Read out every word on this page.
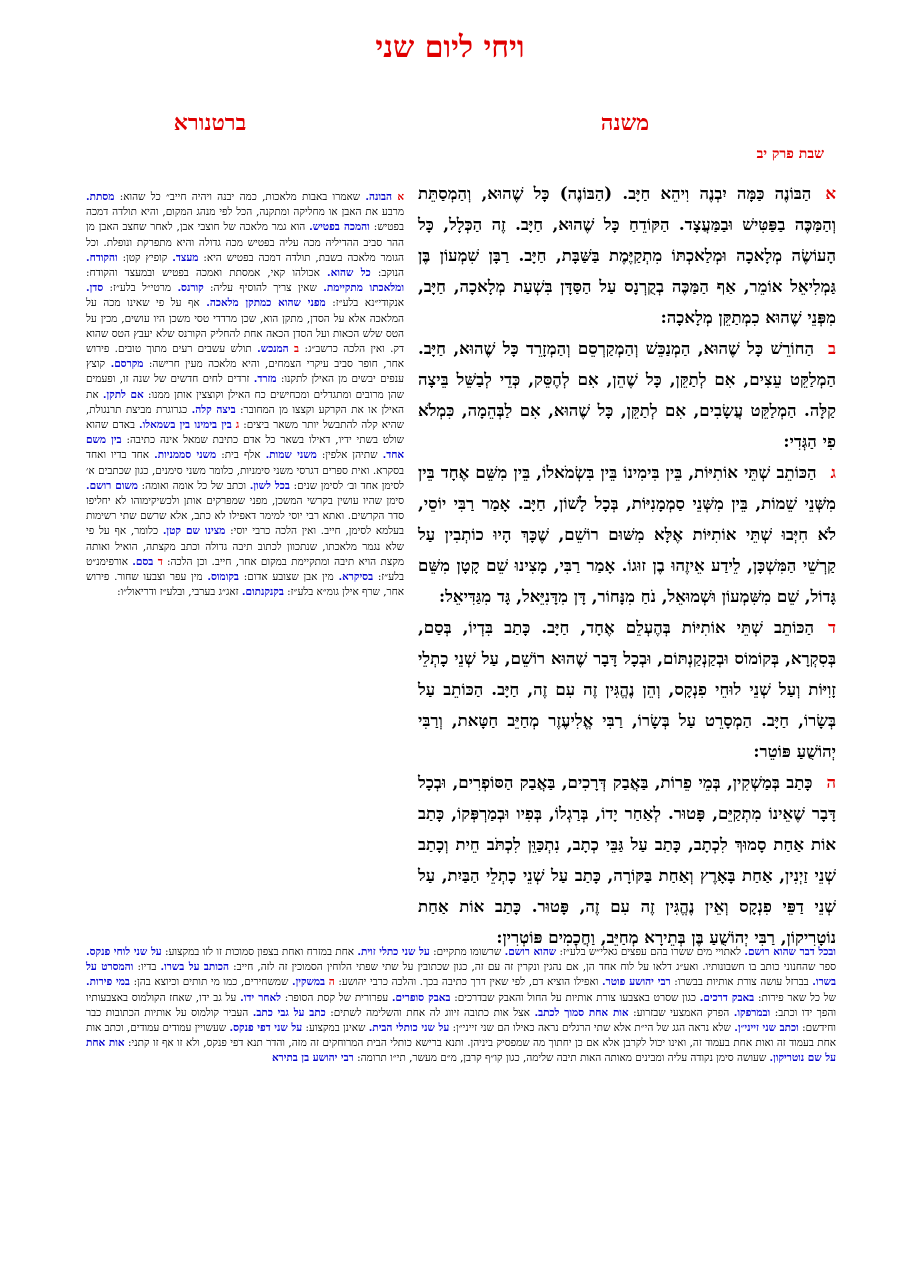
ויחי ליום שני
משנה
ברטנורא
שבת פרק יב

אהַבּוֹנֶה כַּמָּה יִבְנֶה וִיהֵא חַיָּב. (הַבּוֹנֶה) כָּל שֶׁהוּא, וְהַמְסַתֵּת וְהַמַּכֶּה בַפַּטִּישׁ וּבַמַּעֲצָד. הַקּוֹדֵחַ כָּל שֶׁהוּא, חַיָּב. זֶה הַכְּלָל, כָּל הָעוֹשֶׂה מְלָאכָה וּמְלַאכְתּוֹ מִתְקַיֶּמֶת בַּשַּׁבָּת, חַיָּב. רַבָּן שִׁמְעוֹן בֶּן גַּמְלִיאֵל אוֹמֵר, אַף הַמַּכֶּה בְקֻרְנָס עַל הַסַּדָּן בִּשְׁעַת מְלָאכָה, חַיָּב, מִפְּנֵי שֶׁהוּא כִמְתַקֵּן מְלָאכָה:

בהַחוֹרֵשׁ כָּל שֶׁהוּא, הַמְנַכֵּשׁ וְהַמְקַרְסֵם וְהַמְזָרֵד כָּל שֶׁהוּא, חַיָּב. הַמְלַקֵּט עֵצִים, אִם לְתַקֵּן, כָּל שֶׁהֵן, אִם לְהֶסֵּק, כְּדֵי לְבַשֵּׁל בֵּיצָה קַלָּה. הַמְלַקֵּט עֲשָׂבִים, אִם לְתַקֵּן, כָּל שֶׁהוּא, אִם לַבְּהֵמָה, כִּמְלֹא פִי הַגְּדִי:

גהַכּוֹתֵב שְׁתֵּי אוֹתִיּוֹת, בֵּין בִּימִינוֹ בֵּין בִּשְׂמֹאלוֹ, בֵּין מִשֵּׁם אֶחָד בֵּין מִשְּׁנֵי שֵׁמוֹת, בֵּין מִשְּׁנֵי סַמְמָנִיּוֹת, בְּכָל לָשׁוֹן, חַיָּב. אָמַר רַבִּי יוֹסֵי, לֹא חִיְּבוּ שְׁתֵּי אוֹתִיּוֹת אֶלָּא מִשּׁוּם רוֹשֵׁם, שֶׁכָּךְ הָיוּ כוֹתְבִין עַל קַרְשֵׁי הַמִּשְׁכָּן, לֵידַע אֵיזֶהוּ בֶן זוּגוֹ. אָמַר רַבִּי, מָצִינוּ שֵׁם קָטָן מִשֵּׁם גָּדוֹל, שֵׁם מִשִּׁמְעוֹן וּשְׁמוּאֵל, נֹחַ מִנָּחוֹר, דָּן מִדָּנִיֵּאל, גָּד מִגַּדִּיאֵל:

דהַכּוֹתֵב שְׁתֵּי אוֹתִיּוֹת בְּהֶעְלֵם אֶחָד, חַיָּב. כָּתַב בִּדְיוֹ, בְּסַם, בְּסִקְרָא, בְּקוֹמוֹס וּבְקַנְקַנְתּוֹם, וּבְכָל דָּבָר שֶׁהוּא רוֹשֵׁם, עַל שְׁנֵי כָתְלֵי זָוִיּוֹת וְעַל שְׁנֵי לוּחֵי פִנְקָס, וְהֵן נֶהֱגִּין זֶה עִם זֶה, חַיָּב. הַכּוֹתֵב עַל בְּשָׂרוֹ, חַיָּב. הַמְסָרֵט עַל בְּשָׂרוֹ, רַבִּי אֱלִיעֶזֶר מְחַיֵּב חַטָּאת, וְרַבִּי יְהוֹשֻׁעַ פּוֹטֵר:

הכָּתַב בְּמַשְׁקִין, בְּמֵי פֵרוֹת, בַּאֲבַק דְּרָכִים, בַּאֲבַק הַסּוֹפְרִים, וּבְכָל דָּבָר שֶׁאֵינוֹ מִתְקַיֵּם, פָּטוּר. לְאַחַר יָדוֹ, בְּרַגְלוֹ, בְּפִיו וּבְמַרְפְּקוֹ, כָּתַב אוֹת אַחַת סָמוּךְ לִכְתָב, כָּתַב עַל גַּבֵּי כְתָב, נִתְכַּוֵּן לִכְתֹּב חֵית וְכָתַב שְׁנֵי זַיְנִין, אַחַת בָּאָרֶץ וְאַחַת בַּקּוֹרָה, כָּתַב עַל שְׁנֵי כָתְלֵי הַבַּיִת, עַל שְׁנֵי דַפֵּי פִנְקָס וְאֵין נֶהֱגִּין זֶה עִם זֶה, פָּטוּר. כָּתַב אוֹת אַחַת נוֹטָרִיקוֹן, רַבִּי יְהוֹשֻׁעַ בֶּן בְּתֵירָא מְחַיֵּב, וַחֲכָמִים פּוֹטְרִין:

א הבונה. שאמרו באבות מלאכות, כמה יבנה ויהיה חייב״ כל שהוא: מסתת. מרבע את האבן או מחליקה ומתקנה, הכל לפי מנהג המקום, והיא תולדה דמכה בפטיש: והמכה בפטיש. הוא גמר מלאכה של חוצבי אבן, לאחר שחצב האבן מן ההר סביב ההדיליה מכה עליה בפטיש מכה גדולה והיא מתפרקת ונופלת. וכל הגומר מלאכה בשבת, תולדה דמכה בפטיש היא: מעצד. קופיץ קטן: והקודח. הנוקב: כל שהוא. אכולהו קאי, אמסתת ואמכה בפטיש ובמעצד והקודח: ומלאכתו מתקיימת. שאין צריך להוסיף עליה: קורנס. מרטי״ל בלע״ז: סדן. אנקודי״נא בלע״ז: מפני שהוא כמתקן מלאכה. אף על פי שאינו מכה על המלאכה אלא על הסדן, מתקן הוא, שכן מרדדי טסי משכן היו עושים, מכין על הטס שלש הכאות ועל הסדן הכאה אחת להחליק הקורנס שלא יעבץ הטס שהוא דק. ואין הלכה כרשב״ג: ב המנכש. תולש עשבים רעים מתוך טובים. פירוש אחר, חופר סביב עיקרי הצמחים, והיא מלאכה מעין חרישה: מקרסם. קוצץ ענפים יבשים מן האילן לתקנו: מזרד. זרדים לחים חדשים של שנה זו, ופעמים שהן מרובים ומתגדלים ומכחישים כח האילן וקוצצין אותן ממנו: אם לתקן. את האילן או את הקרקע וקצצו מן המחובר: ביצה קלה. כגרוגרת מביצת תרנגולת, שהיא קלה להתבשל יותר משאר ביצים: ג בין בימינו בין בשמאלו. באדם שהוא שולט בשתי ידיו, דאילו בשאר כל אדם כתיבת שמאל אינה כתיבה: בין משם אחד. שתיהן אלפין: משני שמות. אלף בית: משני סממניות. אחד בדיו ואחד בסקרא. ואית ספרים דגרסי משני סימניות, כלומר משני סימנים, כגון שכתבים א׳ לסימן אחד וב׳ לסימן שנים: בכל לשון. וכתב של כל אומה ואומה: משום רושם. סימן שהיו עושין בקרשי המשכן, מפני שמפרקים אותן ולכשיקימוהו לא יחליפו סדר הקרשים. ואתא רבי יוסי למימר דאפילו לא כתב, אלא שרשם שתי רשימות בעלמא לסימן, חייב. ואין הלכה כרבי יוסי: מצינו שם קטן. כלומר, אף על פי שלא נגמר מלאכתו, שנתכוון לכתוב תיבה גדולה וכתב מקצתה, הואיל ואותה מקצת הויא תיבה ומתקיימת במקום אחר, חייב. וכן הלכה: ד בסם. אורפימנ״ט בלע״ז: בסיקרא. מין אבן שצובע אדום: בקומוס. מין עפר וצבעו שחור. פירוש אחר, שרף אילן גומ״א בלע״ז: בקנקנתום. זאג״ג בערבי, ובלע״ז ודריאול״ו:

ובכל דבר שהוא רושם. לאתויי מים ששרו בהם עפצים גאלי״ש בלע״ז: שהוא רושם. שרשומו מתקיים: על שני כתלי זוית. אחת במזרח ואחת בצפון סמוכות זו לזו במקצוע: על שני לוחי פנקס. ספר שהחנוני כותב בו חשבונותיו. ואע״ג דלאו על לוח אחד הן, אם נהגין ונקרין זה עם זה, כגון שכתובין על שתי שפתי הלוחין הסמוכין זה לזה, חייב: הכותב על בשרו. בדיו: והמסרט על בשרו. בברזל עושה צורת אותיות בבשרו: רבי יהושע פוטר. ואפילו הוציא דם, לפי שאין דרך כתיבה בכך. והלכה כרבי יהושע: ה במשקין. שמשחירים, כמו מי תותים וכיוצא בהן: במי פירות. של כל שאר פירות: באבק דרכים. כגון שסרט באצבעו צורת אותיות על החול והאבק שבדרכים: באבק סופרים. עפרורית של קסת הסופר: לאחר ידו. על גב ידו, שאחז הקולמוס באצבעותיו והפך ידו וכתב: ובמרפקו. הפרק האמצעי שבזרוע: אות אחת סמוך לכתב. אצל אות כתובה זיווג לה אחת והשלימה לשתים: כתב על גבי כתב. העביר קולמוס על אותיות הכתובות כבר וחידשם: וכתב שני זייני״ן. שלא נראה הגג של הי״ת אלא שתי הרגלים נראה כאילו הם שני זייני״ן: על שני כותלי הבית. שאינן במקצוע: על שני דפי פנקס. שעשויין עמודים עמודים, וכתב אות אחת בעמוד זה ואות אחת בעמוד זה, ואינו יכול לקרבן אלא אם כן יחתוך מה שמפסיק ביניהן. ותנא ברישא כותלי הבית המרוחקים זה מזה, והדר תנא דפי פנקס, ולא זו אף זו קתני: אות אחת על שם נוטריקון. שעושה סימן נקודה עליה ומבינים מאותה האות תיבה שלימה, כגון קו״ף קרבן, מ״ם מעשר, תי״ו תרומה: רבי יהושע בן בתירא
